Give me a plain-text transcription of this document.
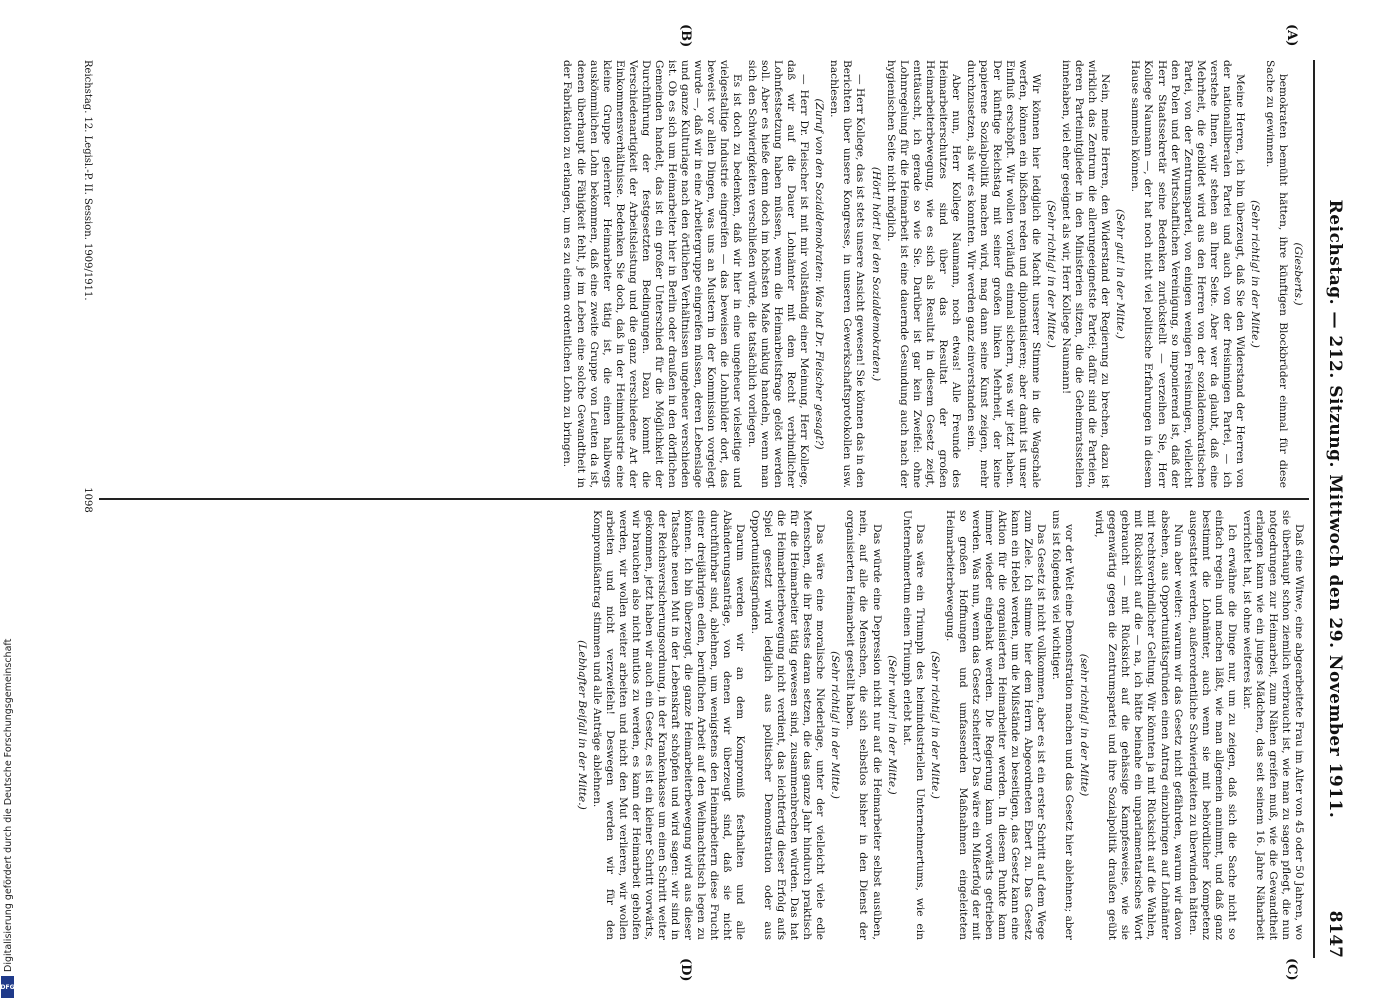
Reichstag. — 212. Sitzung. Mittwoch den 29. November 1911.
8147
(A)
(B)
(C)
(D)
(Giesberts.)

bemokraten bemüht hätten, ihre künftigen Blockbrüder einmal für diese Sache zu gewinnen.

(Sehr richtig! in der Mitte.)

Meine Herren, ich bin überzeugt, daß Sie den Widerstand der Herren von der nationalliberalen Partei und auch von der freisinnigen Partei, — ich verstehe Ihnen, wir stehen an Ihrer Seite. Aber wer da glaubt, daß eine Mehrheit, die gebildet wird aus den Herren von der sozialdemokratischen Partei, von der Zentrumspartei, von einigen wenigen Freisinnigen, vielleicht den Polen und der Wirtschaftlichen Vereinigung, so imponierend ist, daß der Herr Staatssekretär seine Bedenken zurückstellt — verzeihen Sie, Herr Kollege Naumann —, der hat noch nicht viel politische Erfahrungen in diesem Hause sammeln können.

(Sehr gut! in der Mitte.)

Nein, meine Herren, den Widerstand der Regierung zu brechen, dazu ist wirklich das Zentrum die allerungeeignetste Partei; dafür sind die Parteien, deren Parteimitglieder in den Ministerien sitzen, die die Geheimratsstellen innehaben, viel eher geeignet als wir, Herr Kollege Naumann!

(Sehr richtig! in der Mitte.)

Wir können hier lediglich die Macht unserer Stimme in die Wagschale werfen, können ein bißchen reden und diplomatisieren; aber damit ist unser Einfluß erschöpft. Wir wollen vorläufig einmal sichern, was wir jetzt haben. Der künftige Reichstag mit seiner großen linken Mehrheit, der keine papierene Sozialpolitik machen wird, mag dann seine Kunst zeigen, mehr durchzusetzen, als wir es konnten. Wir werden ganz einverstanden sein.

Aber nun, Herr Kollege Naumann, noch etwas! Alle Freunde des Heimarbeiterschutzes sind über das Resultat der großen Heimarbeiterbewegung, wie es sich als Resultat in diesem Gesetz zeigt, enttäuscht, ich gerade so wie Sie. Darüber ist gar kein Zweifel: ohne Lohnregelung für die Heimarbeit ist eine dauernde Gesundung auch nach der hygienischen Seite nicht möglich.

(Hört! hört! bei den Sozialdemokraten.)

— Herr Kollege, das ist stets unsere Ansicht gewesen! Sie können das in den Berichten über unsere Kongresse, in unseren Gewerkschaftsprotokollen usw. nachlesen.

(Zuruf von den Sozialdemokraten: Was hat Dr. Fleischer gesagt?)

— Herr Dr. Fleischer ist mit mir vollständig einer Meinung, Herr Kollege, daß wir auf die Dauer Lohnämter mit dem Recht verbindlicher Lohnfestsetzung haben müssen, wenn die Heimarbeitsfrage gelöst werden soll. Aber es hieße denn doch im höchsten Maße unklug handeln, wenn man sich den Schwierigkeiten verschließen würde, die tatsächlich vorliegen.

Es ist doch zu bedenken, daß wir hier in eine ungeheuer vielseitige und vielgestaltige Industrie eingreifen — das beweisen die Lohnbilder dort, das beweist vor allen Dingen, was uns an Mustern in der Kommission vorgelegt wurde —, daß wir in eine Arbeitergruppe eingreifen müssen, deren Lebenslage und ganze Kulturlage nach den örtlichen Verhältnissen ungeheuer verschieden ist. Ob es sich um Heimarbeiter hier in Berlin oder draußen in den dörflichen Gemeinden handelt, das ist ein großer Unterschied für die Möglichkeit der Durchführung der festgesetzten Bedingungen. Dazu kommt die Verschiedenartigkeit der Arbeitsleistung und die ganz verschiedene Art der Einkommensverhältnisse. Bedenken Sie doch, daß in der Heimindustrie eine kleine Gruppe gelernter Heimarbeiter tätig ist, die einen halbwegs auskömmlichen Lohn bekommen, daß eine zweite Gruppe von Leuten da ist, denen überhaupt die Fähigkeit fehlt, je im Leben eine solche Gewandtheit in der Fabrikation zu erlangen, um es zu einem ordentlichen Lohn zu bringen.

Daß eine Witwe, eine abgearbeitete Frau im Alter von 45 oder 50 Jahren, wo sie überhaupt schon ziemlich verbraucht ist, wie man zu sagen pflegt, die nun notgedrungen zur Heimarbeit, zum Nähen greifen muß, wie die Gewandtheit erlangen kann wie ein junges Mädchen, das seit seinem 16. Jahre Näharbeit verrichtet hat, ist ohne weiteres klar.

Ich erwähne die Dinge nur, um zu zeigen, daß sich die Sache nicht so einfach regeln und machen läßt, wie man allgemein annimmt, und daß ganz bestimmt die Lohnämter, auch wenn sie mit behördlicher Kompetenz ausgestattet werden, außerordentliche Schwierigkeiten zu überwinden hätten.

Nun aber weiter: warum wir das Gesetz nicht gefährden, warum wir davon absehen, aus Opportunitätsgründen einen Antrag einzubringen auf Lohnämter mit rechtsverbindlicher Geltung. Wir könnten ja mit Rücksicht auf die Wahlen, mit Rücksicht auf die — na, ich hätte beinahe ein unparlamentarisches Wort gebraucht — mit Rücksicht auf die gehässige Kampfesweise, wie sie gegenwärtig gegen die Zentrumspartei und ihre Sozialpolitik draußen geübt wird,

(sehr richtig! in der Mitte)

vor der Welt eine Demonstration machen und das Gesetz hier ablehnen; aber uns ist folgendes viel wichtiger.

Das Gesetz ist nicht vollkommen, aber es ist ein erster Schritt auf dem Wege zum Ziele. Ich stimme hier dem Herrn Abgeordneten Ebert zu. Das Gesetz kann ein Hebel werden, um die Mißstände zu beseitigen, das Gesetz kann eine Aktion für die organisierten Heimarbeiter werden. In diesem Punkte kann immer wieder eingehakt werden. Die Regierung kann vorwärts getrieben werden. Was nun, wenn das Gesetz scheitert? Das wäre ein Mißerfolg der mit so großen Hoffnungen und umfassenden Maßnahmen eingeleiteten Heimarbeiterbewegung.

(Sehr richtig! in der Mitte.)

Das wäre ein Triumph des heimindustriellen Unternehmertums, wie ein Unternehmertum einen Triumph erlebt hat.

(Sehr wahr! in der Mitte.)

Das würde eine Depression nicht nur auf die Heimarbeiter selbst ausüben, nein, auf alle die Menschen, die sich selbstlos bisher in den Dienst der organisierten Heimarbeit gestellt haben.

(Sehr richtig! in der Mitte.)

Das wäre eine moralische Niederlage, unter der vielleicht viele edle Menschen, die ihr Bestes daran setzen, die das ganze Jahr hindurch praktisch für die Heimarbeiter tätig gewesen sind, zusammenbrechen würden. Das hat die Heimarbeiterbewegung nicht verdient, das leichtfertig dieser Erfolg aufs Spiel gesetzt wird lediglich aus politischer Demonstration oder aus Opportunitätsgründen.

Darum werden wir an dem Kompromiß festhalten und alle Abänderungsanträge, von denen wir überzeugt sind, daß sie nicht durchführbar sind, ablehnen, um wenigstens den Heimarbeitern diese Frucht einer dreijährigen edlen, beruflichen Arbeit auf den Weihnachtstisch legen zu können. Ich bin überzeugt, die ganze Heimarbeiterbewegung wird aus dieser Tatsache neuen Mut in der Lebenskraft schöpfen und wird sagen: wir sind in der Reichsversicherungsordnung, in der Krankenkasse um einen Schritt weiter gekommen, jetzt haben wir auch ein Gesetz, es ist ein kleiner Schritt vorwärts, wir brauchen also nicht mutlos zu werden, es kann der Heimarbeit geholfen werden, wir wollen weiter arbeiten und nicht den Mut verlieren, wir wollen arbeiten und nicht verzweifeln! Deswegen werden wir für den Kompromißantrag stimmen und alle Anträge ablehnen.

(Lebhafter Beifall in der Mitte.)
Reichstag. 12. Legisl.-P. II. Session. 1909/1911.
1098
Digitalisierung gefördert durch die Deutsche Forschungsgemeinschaft
DFG
